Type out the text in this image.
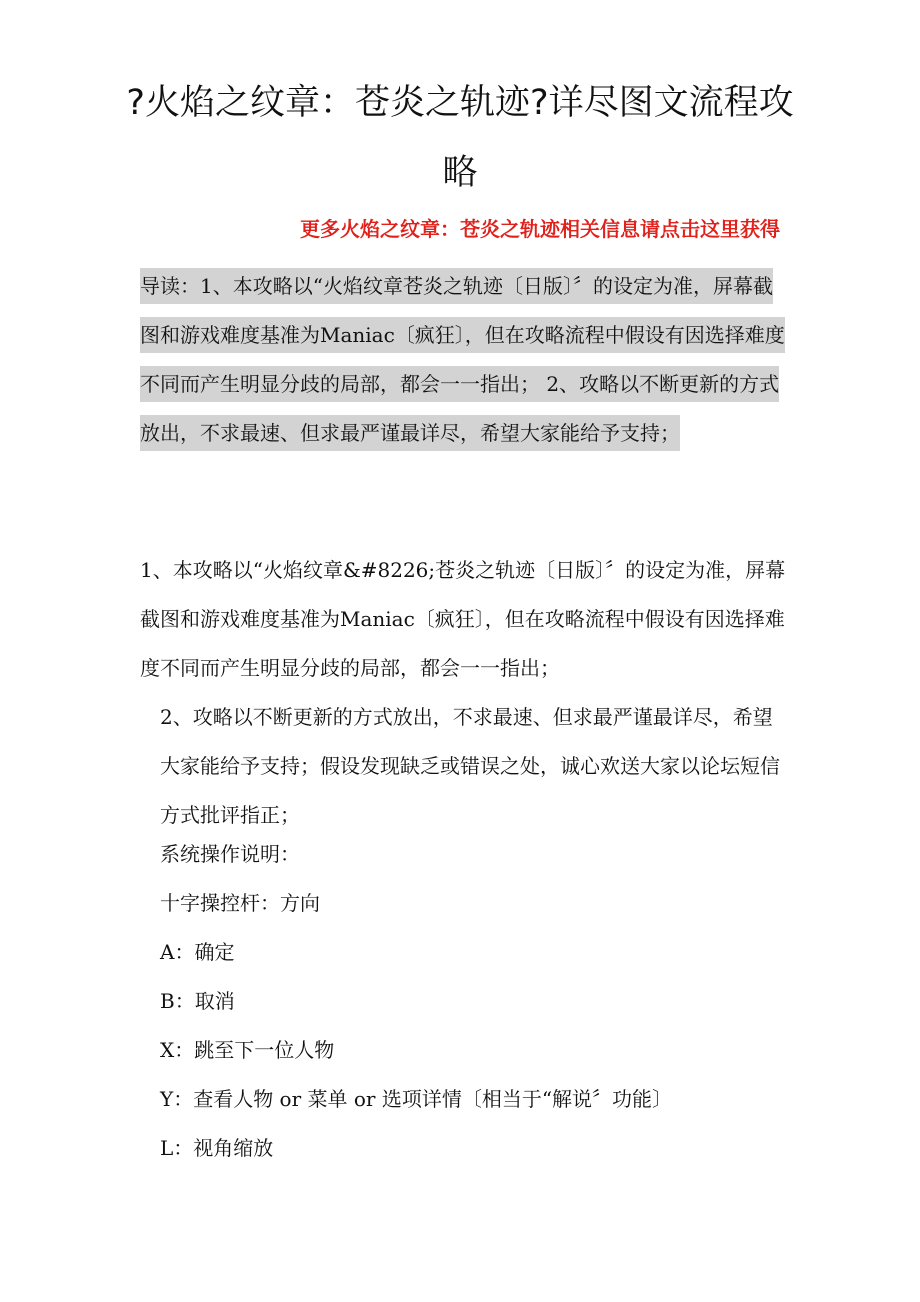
?火焰之纹章：苍炎之轨迹?详尽图文流程攻略
更多火焰之纹章：苍炎之轨迹相关信息请点击这里获得
导读：1、本攻略以“火焰纹章苍炎之轨迹〔日版〕〞的设定为准，屏幕截图和游戏难度基准为Maniac〔疯狂〕，但在攻略流程中假设有因选择难度不同而产生明显分歧的局部，都会一一指出； 2、攻略以不断更新的方式放出，不求最速、但求最严谨最详尽，希望大家能给予支持；

1、本攻略以“火焰纹章&#8226;苍炎之轨迹〔日版〕〞的设定为准，屏幕截图和游戏难度基准为Maniac〔疯狂〕，但在攻略流程中假设有因选择难度不同而产生明显分歧的局部，都会一一指出；

2、攻略以不断更新的方式放出，不求最速、但求最严谨最详尽，希望大家能给予支持；假设发现缺乏或错误之处，诚心欢送大家以论坛短信方式批评指正；

系统操作说明：

十字操控杆：方向

A：确定

B：取消

X：跳至下一位人物

Y：查看人物 or 菜单 or 选项详情〔相当于“解说〞功能〕

L：视角缩放
